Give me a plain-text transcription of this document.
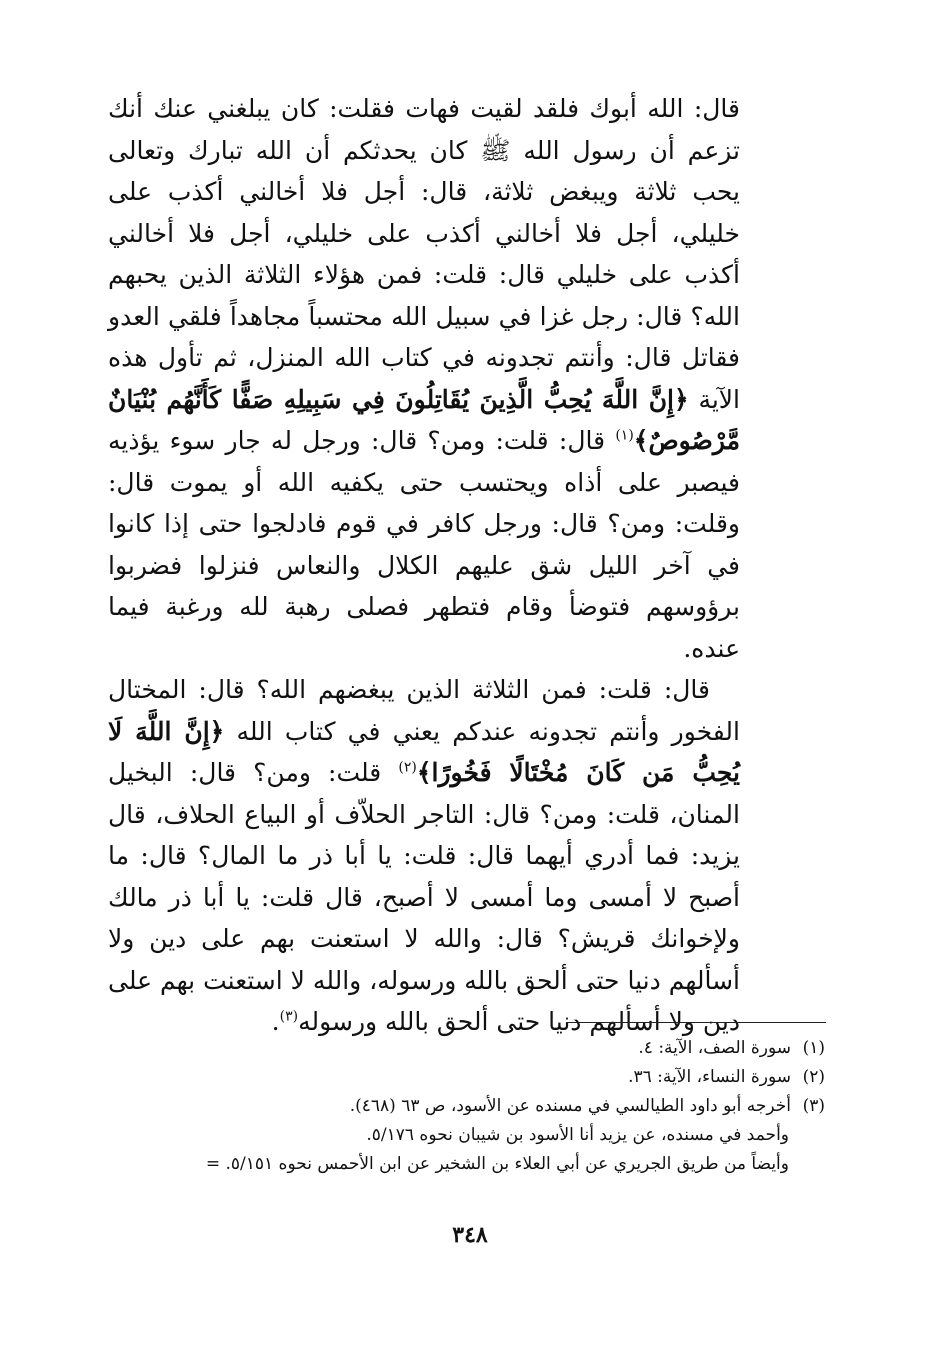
قال: الله أبوك فلقد لقيت فهات فقلت: كان يبلغني عنك أنك تزعم أن رسول الله ﷺ كان يحدثكم أن الله تبارك وتعالى يحب ثلاثة ويبغض ثلاثة، قال: أجل فلا أخالني أكذب على خليلي، أجل فلا أخالني أكذب على خليلي، أجل فلا أخالني أكذب على خليلي قال: قلت: فمن هؤلاء الثلاثة الذين يحبهم الله؟ قال: رجل غزا في سبيل الله محتسباً مجاهداً فلقي العدو فقاتل قال: وأنتم تجدونه في كتاب الله المنزل، ثم تأول هذه الآية ﴿إِنَّ اللَّهَ يُحِبُّ الَّذِينَ يُقَاتِلُونَ فِي سَبِيلِهِ صَفًّا كَأَنَّهُم بُنْيَانٌ مَّرْصُوصٌ﴾$^{(١)}$ قال: قلت: ومن؟ قال: ورجل له جار سوء يؤذيه فيصبر على أذاه ويحتسب حتى يكفيه الله أو يموت قال: وقلت: ومن؟ قال: ورجل كافر في قوم فادلجوا حتى إذا كانوا في آخر الليل شق عليهم الكلال والنعاس فنزلوا فضربوا برؤوسهم فتوضأ وقام فتطهر فصلى رهبة لله ورغبة فيما عنده.

قال: قلت: فمن الثلاثة الذين يبغضهم الله؟ قال: المختال الفخور وأنتم تجدونه عندكم يعني في كتاب الله ﴿إِنَّ اللَّهَ لَا يُحِبُّ مَن كَانَ مُخْتَالًا فَخُورًا﴾$^{(٢)}$ قلت: ومن؟ قال: البخيل المنان، قلت: ومن؟ قال: التاجر الحلاّف أو البياع الحلاف، قال يزيد: فما أدري أيهما قال: قلت: يا أبا ذر ما المال؟ قال: ما أصبح لا أمسى وما أمسى لا أصبح، قال قلت: يا أبا ذر مالك ولإخوانك قريش؟ قال: والله لا استعنت بهم على دين ولا أسألهم دنيا حتى ألحق بالله ورسوله، والله لا استعنت بهم على دين ولا أسألهم دنيا حتى ألحق بالله ورسوله$^{(٣)}$.

(١)سورة الصف، الآية: ٤.

(٢)سورة النساء، الآية: ٣٦.

(٣)أخرجه أبو داود الطيالسي في مسنده عن الأسود، ص ٦٣ (٤٦٨).

وأحمد في مسنده، عن يزيد أنا الأسود بن شيبان نحوه ٥/١٧٦.

وأيضاً من طريق الجريري عن أبي العلاء بن الشخير عن ابن الأحمس نحوه ٥/١٥١. =

٣٤٨
